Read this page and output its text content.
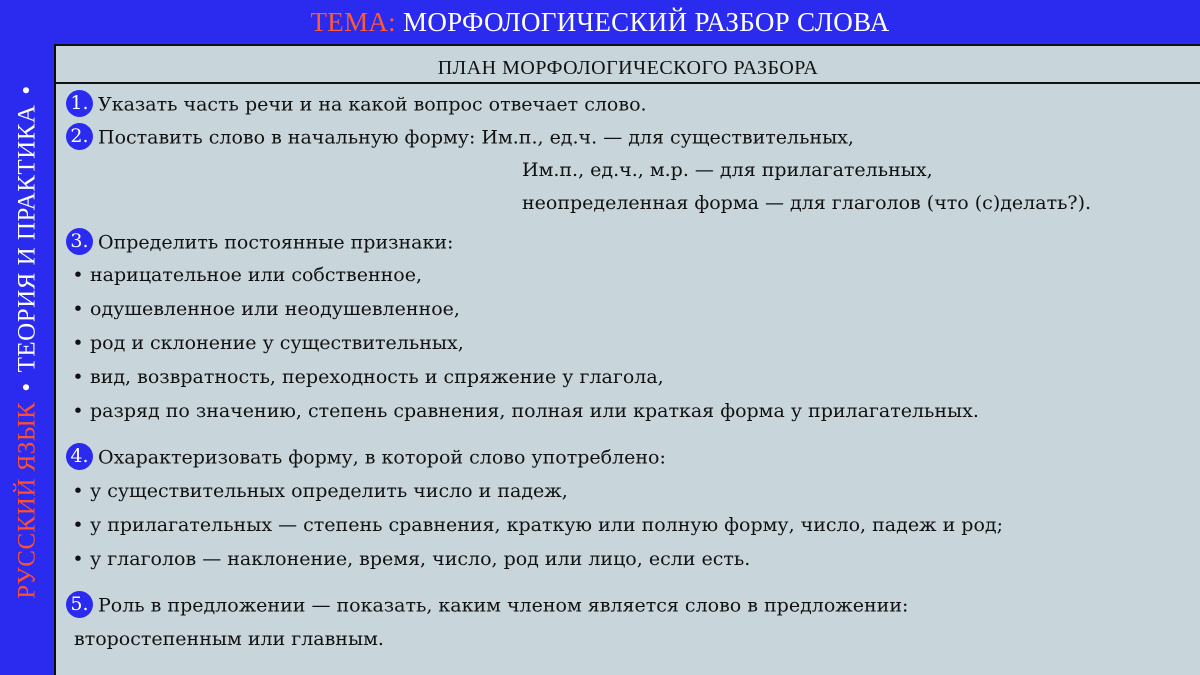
РУССКИЙ ЯЗЫК•ТЕОРИЯ И ПРАКТИКА•
ТЕМА: МОРФОЛОГИЧЕСКИЙ РАЗБОР СЛОВА
ПЛАН МОРФОЛОГИЧЕСКОГО РАЗБОРА
1. Указать часть речи и на какой вопрос отвечает слово.
2. Поставить слово в начальную форму: Им.п., ед.ч. — для существительных,
Им.п., ед.ч., м.р. — для прилагательных,
неопределенная форма — для глаголов (что (с)делать?).
3. Определить постоянные признаки:
• нарицательное или собственное,
• одушевленное или неодушевленное,
• род и склонение у существительных,
• вид, возвратность, переходность и спряжение у глагола,
• разряд по значению, степень сравнения, полная или краткая форма у прилагательных.
4. Охарактеризовать форму, в которой слово употреблено:
• у существительных определить число и падеж,
• у прилагательных — степень сравнения, краткую или полную форму, число, падеж и род;
• у глаголов — наклонение, время, число, род или лицо, если есть.
5. Роль в предложении — показать, каким членом является слово в предложении:
второстепенным или главным.
